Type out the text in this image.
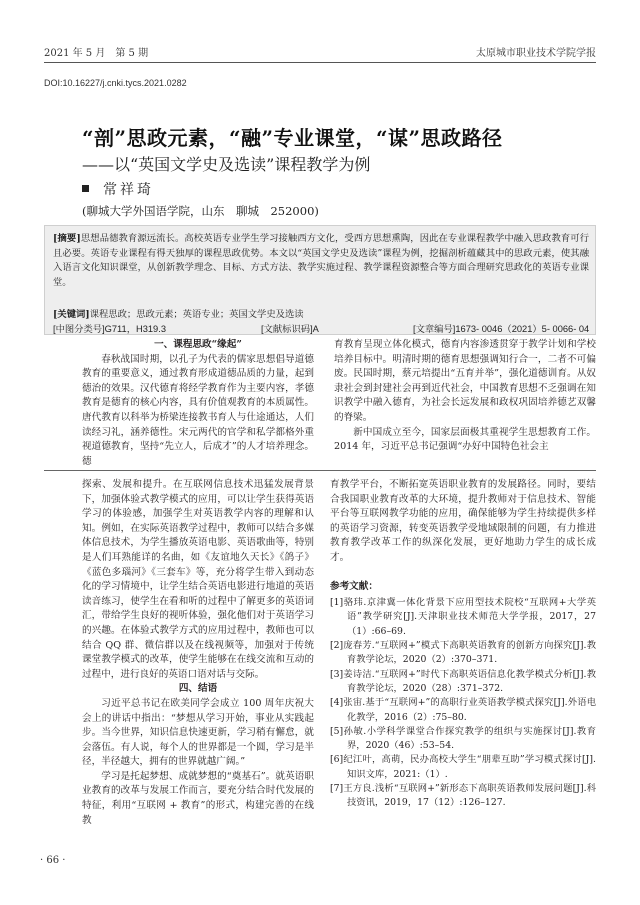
2021 年 5 月　第 5 期	太原城市职业技术学院学报
DOI:10.16227/j.cnki.tycs.2021.0282
“剖”思政元素，“融”专业课堂，“谋”思政路径
——以“英国文学史及选读”课程教学为例
常祥琦
(聊城大学外国语学院，山东　聊城　252000)
[摘要]思想品德教育源远流长。高校英语专业学生学习接触西方文化，受西方思想熏陶，因此在专业课程教学中融入思政教育可行且必要。英语专业课程有得天独厚的课程思政优势。本文以“英国文学史及选读”课程为例，挖掘剖析蕴藏其中的思政元素，使其融入语言文化知识课堂，从创新教学理念、目标、方式方法、教学实施过程、教学课程资源整合等方面合理研究思政化的英语专业课堂。
[关键词]课程思政；思政元素；英语专业；英国文学史及选读
[中图分类号]G711，H319.3	[文献标识码]A	[文章编号]1673- 0046（2021）5- 0066- 04
一、课程思政“缘起”

春秋战国时期，以孔子为代表的儒家思想倡导道德教育的重要意义，通过教育形成道德品质的力量，起到德治的效果。汉代德育将经学教育作为主要内容，孝德教育是德育的核心内容，具有价值观教育的本质属性。唐代教育以科举为桥梁连接教书育人与仕途通达，人们读经习礼，涵养德性。宋元两代的官学和私学都格外重视道德教育，坚持“先立人，后成才”的人才培养理念。德

育教育呈现立体化模式，德育内容渗透贯穿于教学计划和学校培养目标中。明清时期的德育思想强调知行合一，二者不可偏废。民国时期，蔡元培提出“五育并举”，强化道德训育。从奴隶社会到封建社会再到近代社会，中国教育思想不乏强调在知识教学中融入德育，为社会长远发展和政权巩固培养德艺双馨的脊梁。

新中国成立至今，国家层面极其重视学生思想教育工作。2014 年，习近平总书记强调“办好中国特色社会主

探索、发展和提升。在互联网信息技术迅猛发展背景下，加强体验式教学模式的应用，可以让学生获得英语学习的体验感，加强学生对英语教学内容的理解和认知。例如，在实际英语教学过程中，教师可以结合多媒体信息技术，为学生播放英语电影、英语歌曲等，特别是人们耳熟能详的名曲，如《友谊地久天长》《鸽子》《蓝色多瑙河》《三套车》等，充分将学生带入到动态化的学习情境中，让学生结合英语电影进行地道的英语读音练习，使学生在看和听的过程中了解更多的英语词汇，带给学生良好的视听体验，强化他们对于英语学习的兴趣。在体验式教学方式的应用过程中，教师也可以结合 QQ 群、微信群以及在线视频等，加强对于传统课堂教学模式的改革，使学生能够在在线交流和互动的过程中，进行良好的英语口语对话与交际。

四、结语

习近平总书记在欧美同学会成立 100 周年庆祝大会上的讲话中指出：“梦想从学习开始，事业从实践起步。当今世界，知识信息快速更新，学习稍有懈怠，就会落伍。有人说，每个人的世界都是一个圆，学习是半径，半径越大，拥有的世界就越广阔。”

学习是托起梦想、成就梦想的“奠基石”。就英语职业教育的改革与发展工作而言，要充分结合时代发展的特征，利用“互联网 + 教育”的形式，构建完善的在线教

育教学平台，不断拓宽英语职业教育的发展路径。同时，要结合我国职业教育改革的大环境，提升教师对于信息技术、智能平台等互联网教学功能的应用，确保能够为学生持续提供多样的英语学习资源，转变英语教学受地域限制的问题，有力推进教育教学改革工作的纵深化发展，更好地助力学生的成长成才。

参考文献：
[1]骆玮.京津冀一体化背景下应用型技术院校“互联网+大学英语”教学研究[J].天津职业技术师范大学学报，2017，27（1）:66–69.
[2]庞春芳.“互联网+”模式下高职英语教育的创新方向探究[J].教育教学论坛，2020（2）:370–371.
[3]姜诗洁.“互联网+”时代下高职英语信息化教学模式分析[J].教育教学论坛，2020（28）:371–372.
[4]张宙.基于“互联网+”的高职行业英语教学模式探究[J].外语电化教学，2016（2）:75–80.
[5]孙敏.小学科学课堂合作探究教学的组织与实施探讨[J].教育界，2020（46）:53–54.
[6]纪江叶，高萌，民办高校大学生“朋辈互助”学习模式探讨[J].知识文库，2021:（1）.
[7]王方良.浅析“互联网+”新形态下高职英语教师发展问题[J].科技资讯，2019，17（12）:126–127.
· 66 ·
